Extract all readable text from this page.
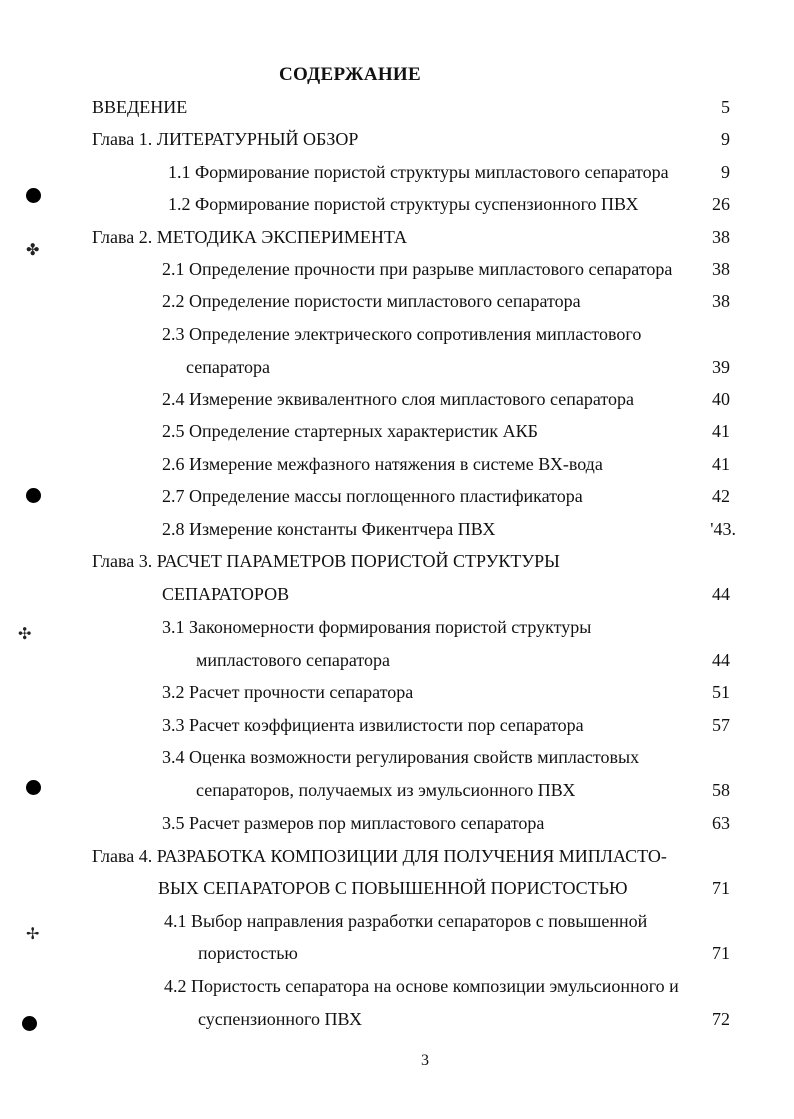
СОДЕРЖАНИЕ
ВВЕДЕНИЕ	5
Глава 1. ЛИТЕРАТУРНЫЙ ОБЗОР	9
1.1 Формирование пористой структуры мипластового сепаратора	9
1.2 Формирование пористой структуры суспензионного ПВХ	26
Глава 2. МЕТОДИКА ЭКСПЕРИМЕНТА	38
2.1 Определение прочности при разрыве мипластового сепаратора 38
2.2 Определение пористости мипластового сепаратора	38
2.3 Определение электрического сопротивления мипластового
сепаратора	39
2.4 Измерение эквивалентного слоя мипластового сепаратора	40
2.5 Определение стартерных характеристик АКБ	41
2.6 Измерение межфазного натяжения в системе ВХ-вода	41
2.7 Определение массы поглощенного пластификатора	42
2.8 Измерение константы Фикентчера ПВХ	'43.
Глава 3. РАСЧЕТ ПАРАМЕТРОВ ПОРИСТОЙ СТРУКТУРЫ
СЕПАРАТОРОВ	44
3.1 Закономерности формирования пористой структуры
мипластового сепаратора	44
3.2 Расчет прочности сепаратора	51
3.3 Расчет коэффициента извилистости пор сепаратора	57
3.4 Оценка возможности регулирования свойств мипластовых
сепараторов, получаемых из эмульсионного ПВХ	58
3.5 Расчет размеров пор мипластового сепаратора	63
Глава 4. РАЗРАБОТКА КОМПОЗИЦИИ ДЛЯ ПОЛУЧЕНИЯ МИПЛАСТО-
ВЫХ СЕПАРАТОРОВ С ПОВЫШЕННОЙ ПОРИСТОСТЬЮ	71
4.1 Выбор направления разработки сепараторов с повышенной
пористостью	71
4.2 Пористость сепаратора на основе композиции эмульсионного и
суспензионного ПВХ	72
3
✤
✣
✢
